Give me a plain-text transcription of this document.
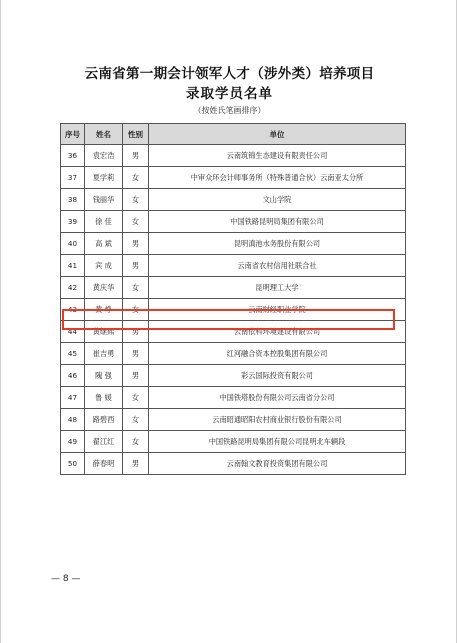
云南省第一期会计领军人才（涉外类）培养项目
录取学员名单
（按姓氏笔画排序）
序号	姓名	性别	单位
36	袁宏浩	男	云南筑锦生态建设有限责任公司
37	夏学莉	女	中审众环会计师事务所（特殊普通合伙）云南亚太分所
38	钱丽华	女	文山学院
39	徐 佳	女	中国铁路昆明局集团有限公司
40	高 斌	男	昆明滇池水务股份有限公司
41	宾 成	男	云南省农村信用社联合社
42	黄庆华	女	昆明理工大学
43	黄 峥	女	云南财经职业学院
44	黄继熙	男	云南依科环境建设有限公司
45	崔吉勇	男	红河融合资本控股集团有限公司
46	隗 强	男	彩云国际投资有限公司
47	鲁 媛	女	中国铁塔股份有限公司云南省分公司
48	路碧西	女	云南昭通昭阳农村商业银行股份有限公司
49	翟江红	女	中国铁路昆明局集团有限公司昆明北车辆段
50	薛春明	男	云南翰文教育投资集团有限公司
— 8 —
